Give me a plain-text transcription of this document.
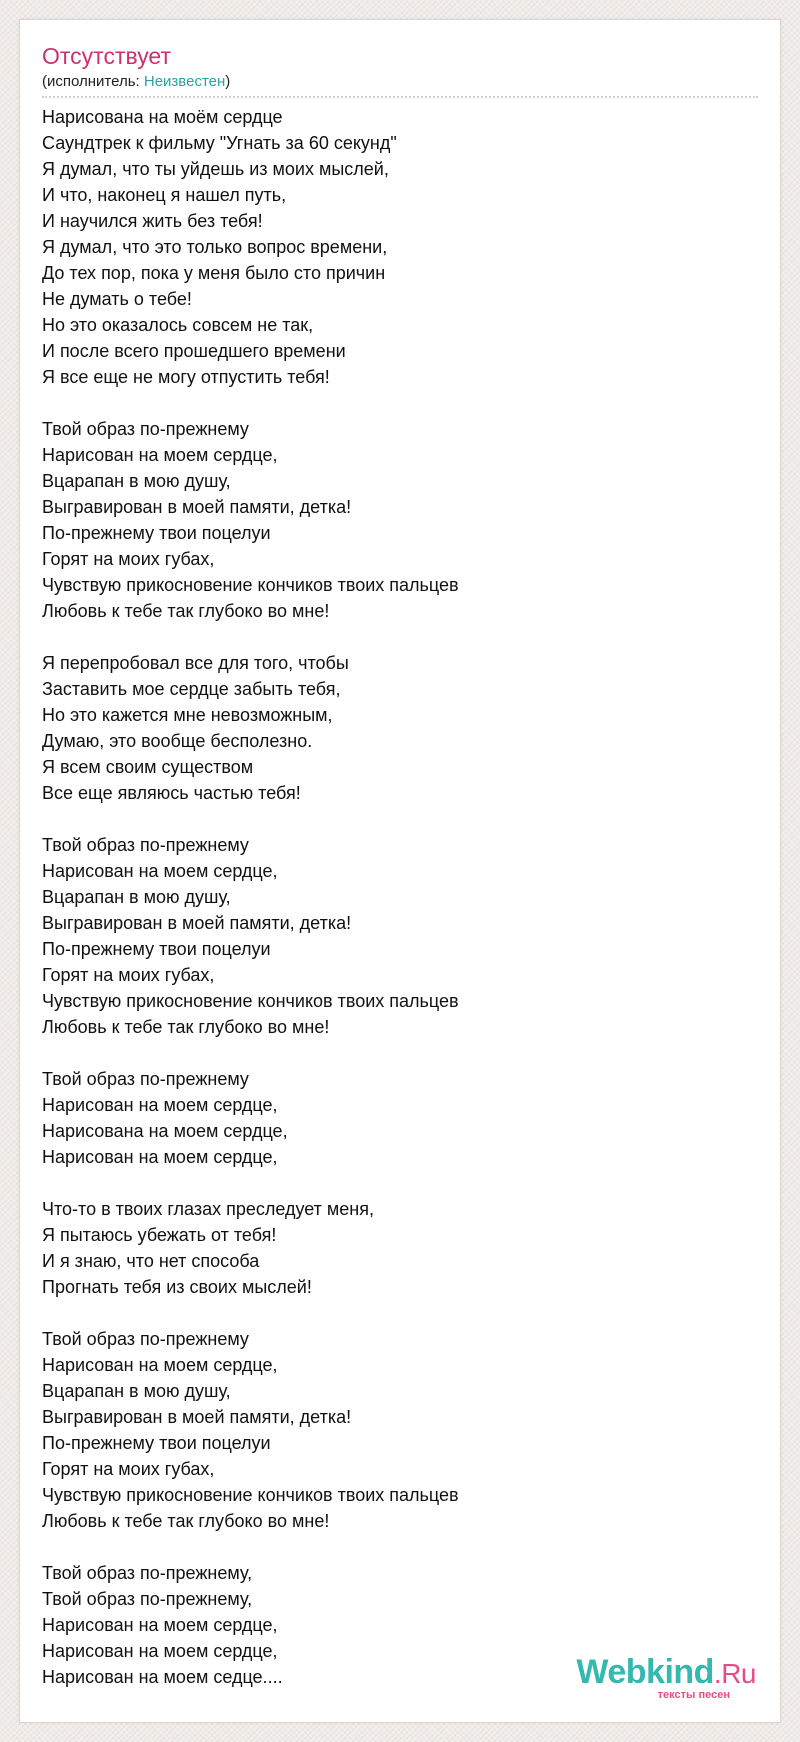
Отсутствует
(исполнитель: Неизвестен)
Нарисована на моём сердце
Саундтрек к фильму "Угнать за 60 секунд"
Я думал, что ты уйдешь из моих мыслей,
И что, наконец я нашел путь,
И научился жить без тебя!
Я думал, что это только вопрос времени,
До тех пор, пока у меня было сто причин
Не думать о тебе!
Но это оказалось совсем не так,
И после всего прошедшего времени
Я все еще не могу отпустить тебя!

Твой образ по-прежнему
Нарисован на моем сердце,
Вцарапан в мою душу,
Выгравирован в моей памяти, детка!
По-прежнему твои поцелуи
Горят на моих губах,
Чувствую прикосновение кончиков твоих пальцев
Любовь к тебе так глубоко во мне!

Я перепробовал все для того, чтобы
Заставить мое сердце забыть тебя,
Но это кажется мне невозможным,
Думаю, это вообще бесполезно.
Я всем своим существом
Все еще являюсь частью тебя!

Твой образ по-прежнему
Нарисован на моем сердце,
Вцарапан в мою душу,
Выгравирован в моей памяти, детка!
По-прежнему твои поцелуи
Горят на моих губах,
Чувствую прикосновение кончиков твоих пальцев
Любовь к тебе так глубоко во мне!

Твой образ по-прежнему
Нарисован на моем сердце,
Нарисована на моем сердце,
Нарисован на моем сердце,

Что-то в твоих глазах преследует меня,
Я пытаюсь убежать от тебя!
И я знаю, что нет способа
Прогнать тебя из своих мыслей!

Твой образ по-прежнему
Нарисован на моем сердце,
Вцарапан в мою душу,
Выгравирован в моей памяти, детка!
По-прежнему твои поцелуи
Горят на моих губах,
Чувствую прикосновение кончиков твоих пальцев
Любовь к тебе так глубоко во мне!

Твой образ по-прежнему,
Твой образ по-прежнему,
Нарисован на моем сердце,
Нарисован на моем сердце,
Нарисован на моем седце....	Webkind.Ru
тексты песен
